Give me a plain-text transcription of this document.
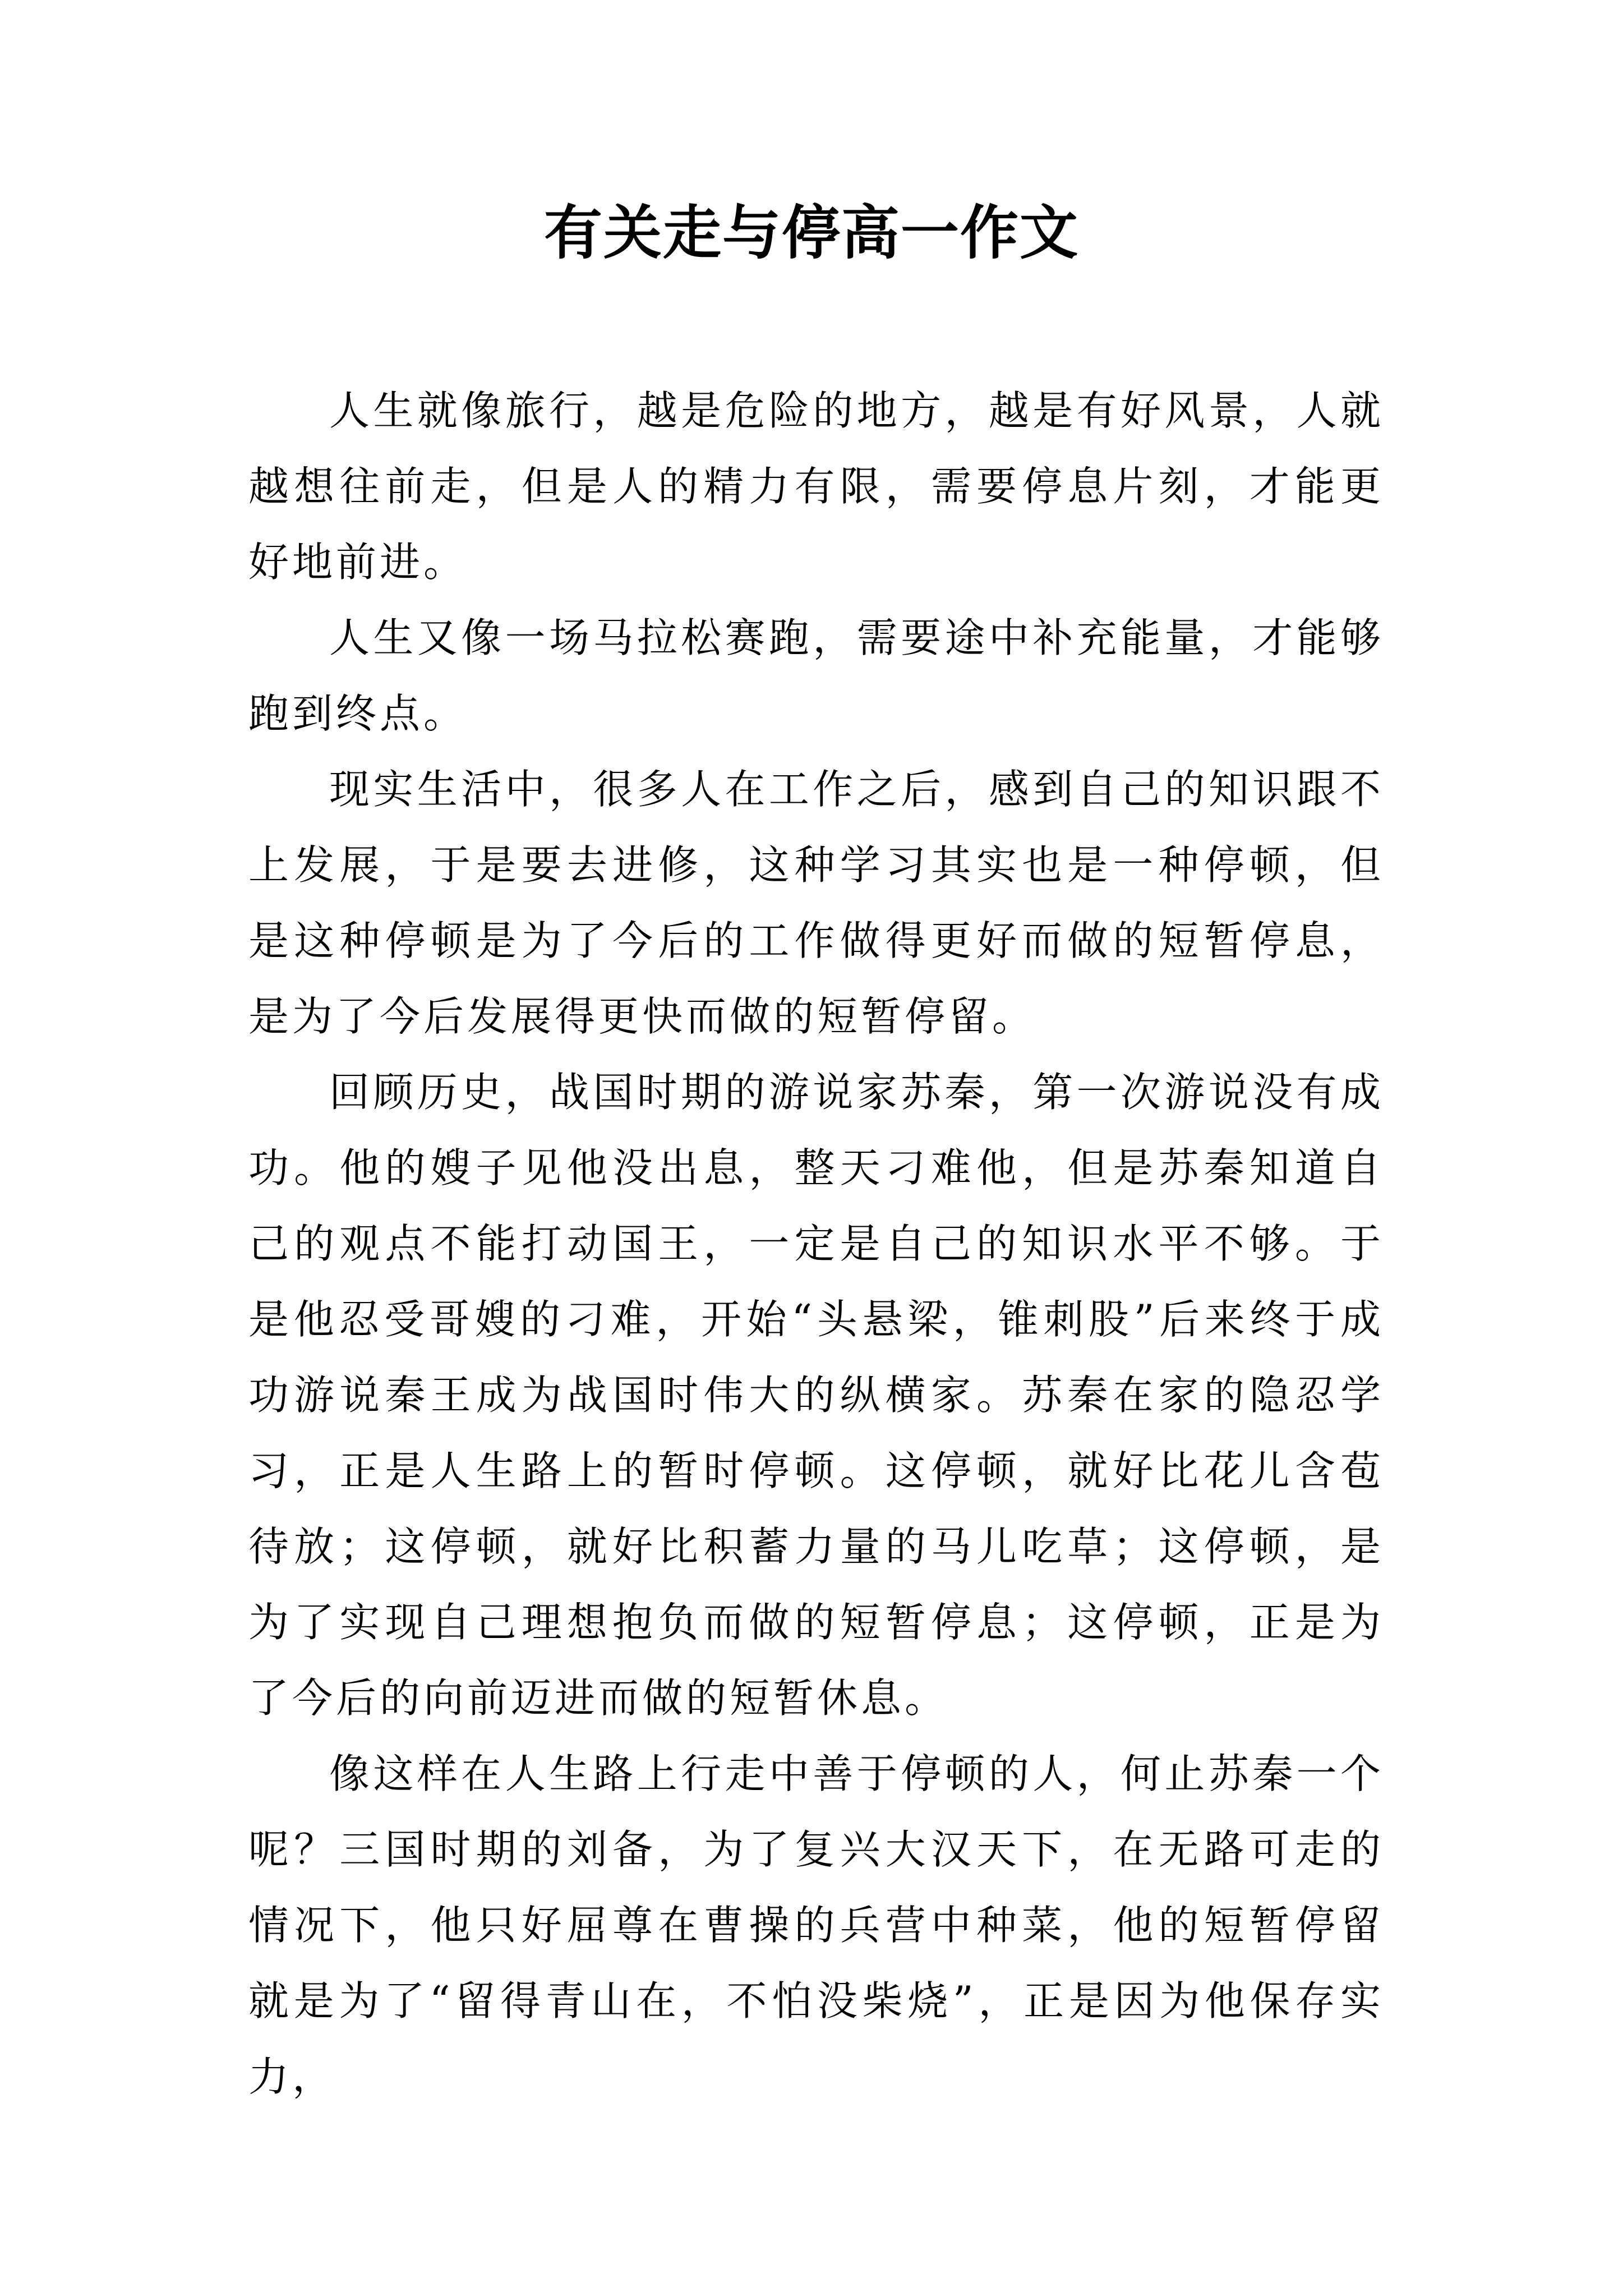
有关走与停高一作文

人生就像旅行，越是危险的地方，越是有好风景，人就越想往前走，但是人的精力有限，需要停息片刻，才能更好地前进。

人生又像一场马拉松赛跑，需要途中补充能量，才能够跑到终点。

现实生活中，很多人在工作之后，感到自己的知识跟不上发展，于是要去进修，这种学习其实也是一种停顿，但是这种停顿是为了今后的工作做得更好而做的短暂停息，是为了今后发展得更快而做的短暂停留。

回顾历史，战国时期的游说家苏秦，第一次游说没有成功。他的嫂子见他没出息，整天刁难他，但是苏秦知道自己的观点不能打动国王，一定是自己的知识水平不够。于是他忍受哥嫂的刁难，开始“头悬梁，锥刺股”后来终于成功游说秦王成为战国时伟大的纵横家。苏秦在家的隐忍学习，正是人生路上的暂时停顿。这停顿，就好比花儿含苞待放；这停顿，就好比积蓄力量的马儿吃草；这停顿，是为了实现自己理想抱负而做的短暂停息；这停顿，正是为了今后的向前迈进而做的短暂休息。

像这样在人生路上行走中善于停顿的人，何止苏秦一个呢？三国时期的刘备，为了复兴大汉天下，在无路可走的情况下，他只好屈尊在曹操的兵营中种菜，他的短暂停留就是为了“留得青山在，不怕没柴烧”，正是因为他保存实力，
